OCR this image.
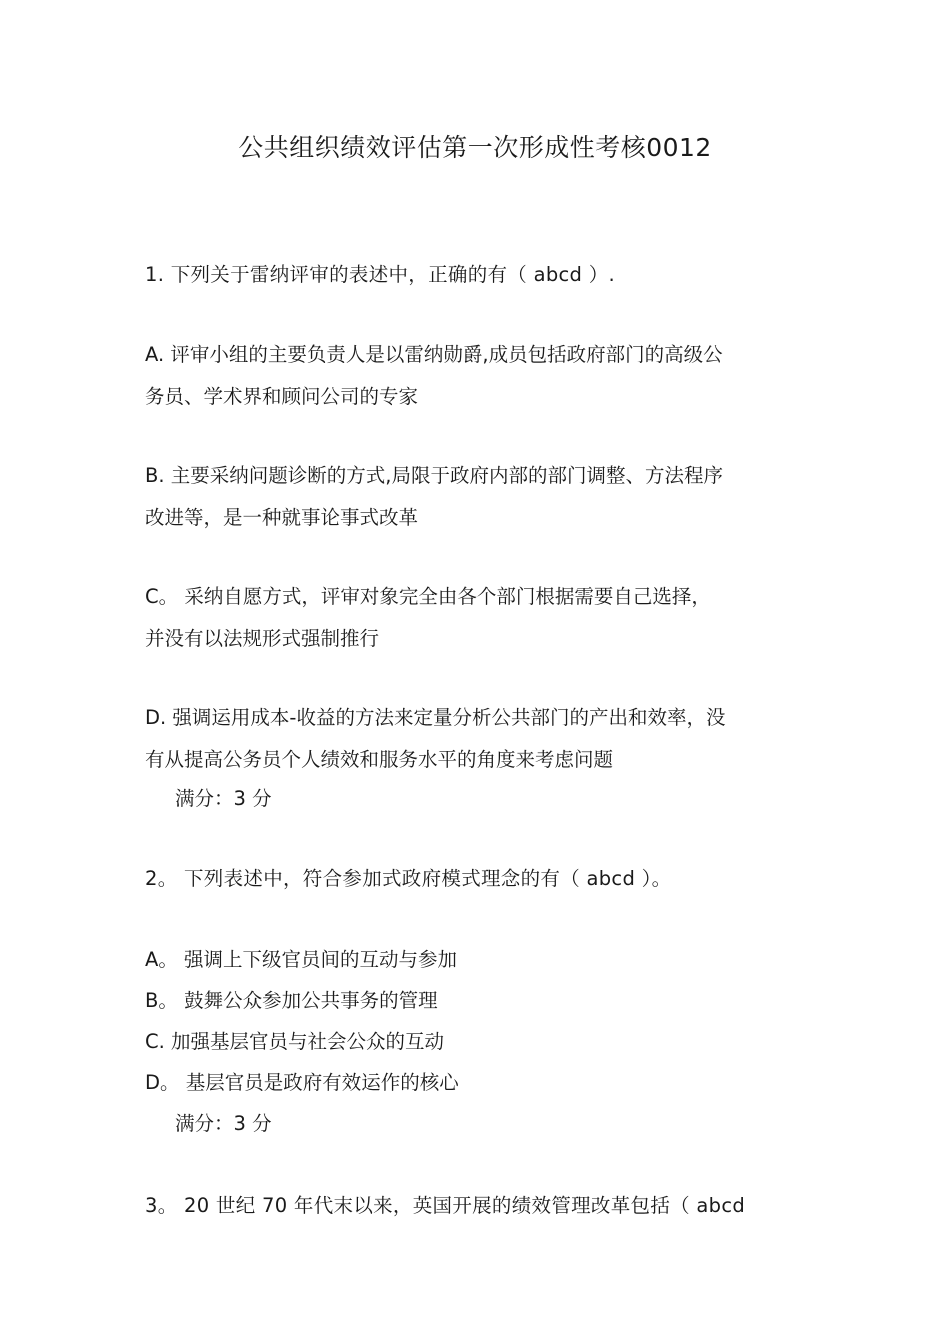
公共组织绩效评估第一次形成性考核0012
1. 下列关于雷纳评审的表述中，正确的有（ abcd ）.
A. 评审小组的主要负责人是以雷纳勋爵,成员包括政府部门的高级公
务员、学术界和顾问公司的专家
B. 主要采纳问题诊断的方式,局限于政府内部的部门调整、方法程序
改进等，是一种就事论事式改革
C。 采纳自愿方式，评审对象完全由各个部门根据需要自己选择，
并没有以法规形式强制推行
D. 强调运用成本-收益的方法来定量分析公共部门的产出和效率，没
有从提高公务员个人绩效和服务水平的角度来考虑问题
满分：3 分
2。 下列表述中，符合参加式政府模式理念的有（ abcd ）。
A。 强调上下级官员间的互动与参加
B。 鼓舞公众参加公共事务的管理
C. 加强基层官员与社会公众的互动
D。 基层官员是政府有效运作的核心
满分：3 分
3。 20 世纪 70 年代末以来，英国开展的绩效管理改革包括（ abcd
